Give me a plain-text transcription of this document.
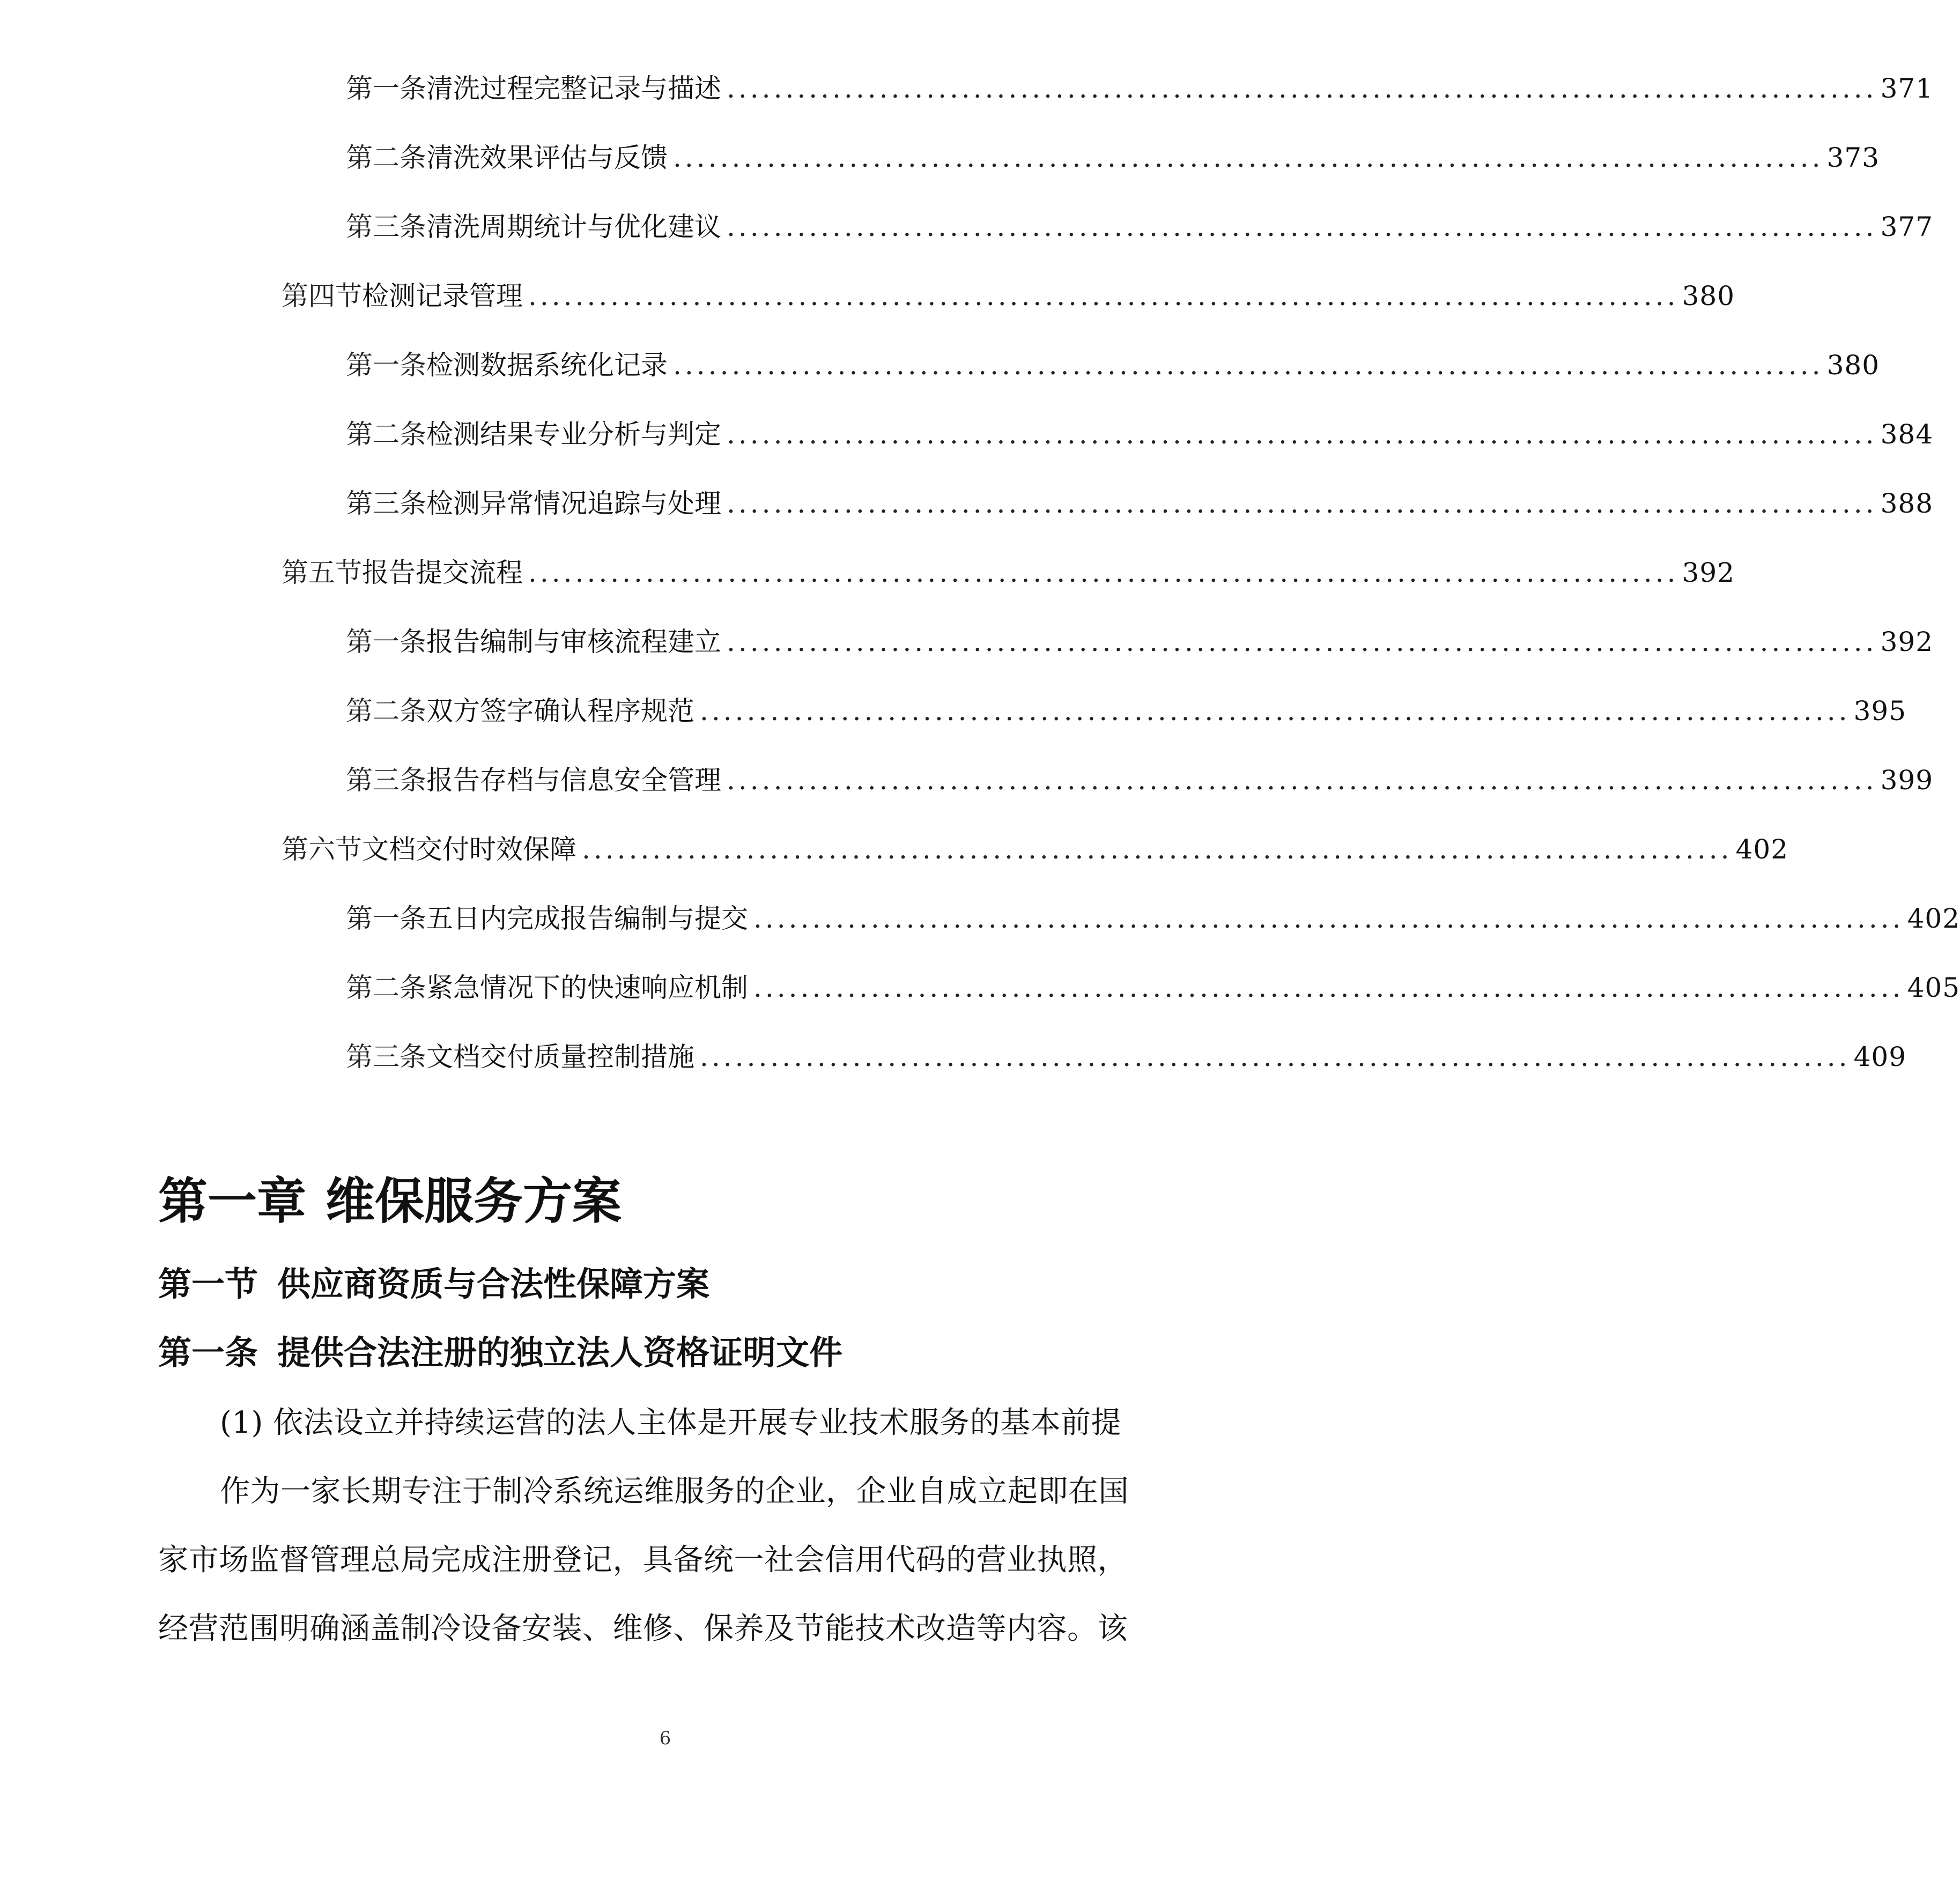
第一条 清洗过程完整记录与描述 .................................................................................................. 371
第二条 清洗效果评估与反馈 .................................................................................................. 373
第三条 清洗周期统计与优化建议 .................................................................................................. 377
第四节 检测记录管理 .................................................................................................. 380
第一条 检测数据系统化记录 .................................................................................................. 380
第二条 检测结果专业分析与判定 .................................................................................................. 384
第三条 检测异常情况追踪与处理 .................................................................................................. 388
第五节 报告提交流程 .................................................................................................. 392
第一条 报告编制与审核流程建立 .................................................................................................. 392
第二条 双方签字确认程序规范 .................................................................................................. 395
第三条 报告存档与信息安全管理 .................................................................................................. 399
第六节 文档交付时效保障 .................................................................................................. 402
第一条 五日内完成报告编制与提交 .................................................................................................. 402
第二条 紧急情况下的快速响应机制 .................................................................................................. 405
第三条 文档交付质量控制措施 .................................................................................................. 409
第一章 维保服务方案
第一节 供应商资质与合法性保障方案
第一条 提供合法注册的独立法人资格证明文件
(1) 依法设立并持续运营的法人主体是开展专业技术服务的基本前提
作为一家长期专注于制冷系统运维服务的企业，企业自成立起即在国
家市场监督管理总局完成注册登记，具备统一社会信用代码的营业执照，
经营范围明确涵盖制冷设备安装、维修、保养及节能技术改造等内容。该
6
